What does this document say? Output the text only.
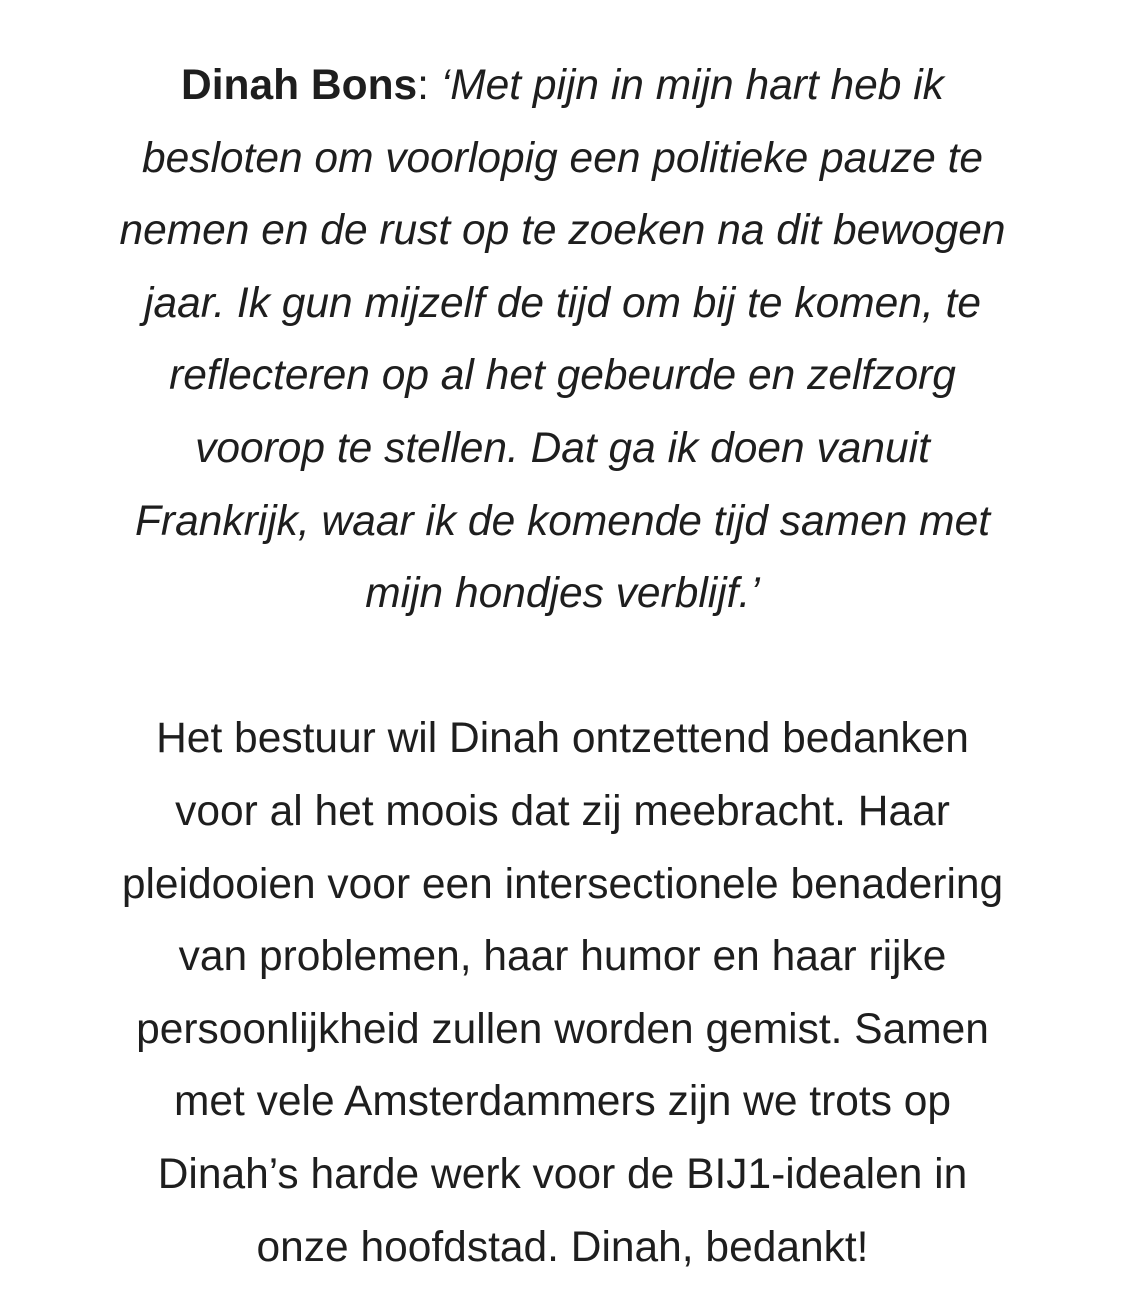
Dinah Bons: ‘Met pijn in mijn hart heb ik
besloten om voorlopig een politieke pauze te
nemen en de rust op te zoeken na dit bewogen
jaar. Ik gun mijzelf de tijd om bij te komen, te
reflecteren op al het gebeurde en zelfzorg
voorop te stellen. Dat ga ik doen vanuit
Frankrijk, waar ik de komende tijd samen met
mijn hondjes verblijf.’

Het bestuur wil Dinah ontzettend bedanken
voor al het moois dat zij meebracht. Haar
pleidooien voor een intersectionele benadering
van problemen, haar humor en haar rijke
persoonlijkheid zullen worden gemist. Samen
met vele Amsterdammers zijn we trots op
Dinah’s harde werk voor de BIJ1-idealen in
onze hoofdstad. Dinah, bedankt!
